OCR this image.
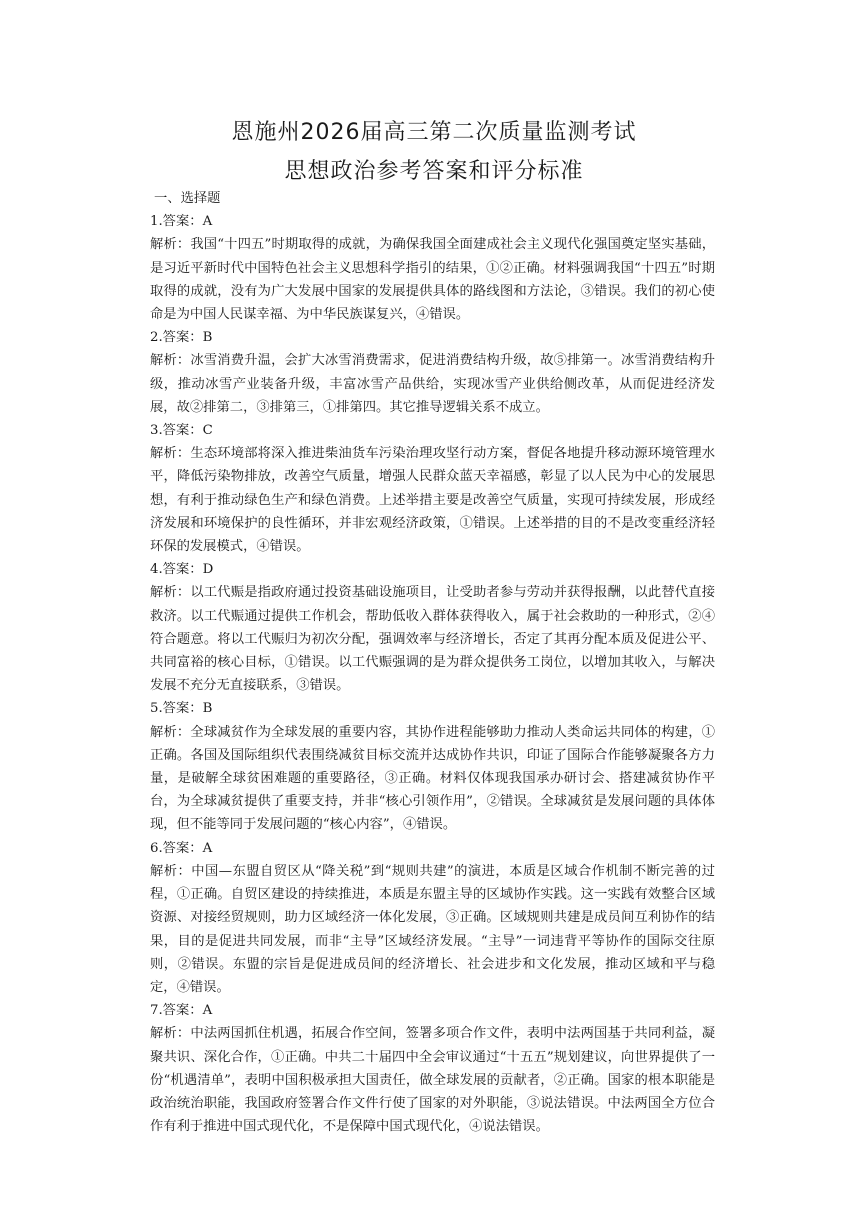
恩施州2026届高三第二次质量监测考试
思想政治参考答案和评分标准

一、选择题

1.答案：A

解析：我国“十四五”时期取得的成就，为确保我国全面建成社会主义现代化强国奠定坚实基础，是习近平新时代中国特色社会主义思想科学指引的结果，①②正确。材料强调我国“十四五”时期取得的成就，没有为广大发展中国家的发展提供具体的路线图和方法论，③错误。我们的初心使命是为中国人民谋幸福、为中华民族谋复兴，④错误。

2.答案：B

解析：冰雪消费升温，会扩大冰雪消费需求，促进消费结构升级，故⑤排第一。冰雪消费结构升级，推动冰雪产业装备升级，丰富冰雪产品供给，实现冰雪产业供给侧改革，从而促进经济发展，故②排第二，③排第三，①排第四。其它推导逻辑关系不成立。

3.答案：C

解析：生态环境部将深入推进柴油货车污染治理攻坚行动方案，督促各地提升移动源环境管理水平，降低污染物排放，改善空气质量，增强人民群众蓝天幸福感，彰显了以人民为中心的发展思想，有利于推动绿色生产和绿色消费。上述举措主要是改善空气质量，实现可持续发展，形成经济发展和环境保护的良性循环，并非宏观经济政策，①错误。上述举措的目的不是改变重经济轻环保的发展模式，④错误。

4.答案：D

解析：以工代赈是指政府通过投资基础设施项目，让受助者参与劳动并获得报酬，以此替代直接救济。以工代赈通过提供工作机会，帮助低收入群体获得收入，属于社会救助的一种形式，②④符合题意。将以工代赈归为初次分配，强调效率与经济增长，否定了其再分配本质及促进公平、共同富裕的核心目标，①错误。以工代赈强调的是为群众提供务工岗位，以增加其收入，与解决发展不充分无直接联系，③错误。

5.答案：B

解析：全球减贫作为全球发展的重要内容，其协作进程能够助力推动人类命运共同体的构建，①正确。各国及国际组织代表围绕减贫目标交流并达成协作共识，印证了国际合作能够凝聚各方力量，是破解全球贫困难题的重要路径，③正确。材料仅体现我国承办研讨会、搭建减贫协作平台，为全球减贫提供了重要支持，并非“核心引领作用”，②错误。全球减贫是发展问题的具体体现，但不能等同于发展问题的“核心内容”，④错误。

6.答案：A

解析：中国—东盟自贸区从“降关税”到“规则共建”的演进，本质是区域合作机制不断完善的过程，①正确。自贸区建设的持续推进，本质是东盟主导的区域协作实践。这一实践有效整合区域资源、对接经贸规则，助力区域经济一体化发展，③正确。区域规则共建是成员间互利协作的结果，目的是促进共同发展，而非“主导”区域经济发展。“主导”一词违背平等协作的国际交往原则，②错误。东盟的宗旨是促进成员间的经济增长、社会进步和文化发展，推动区域和平与稳定，④错误。

7.答案：A

解析：中法两国抓住机遇，拓展合作空间，签署多项合作文件，表明中法两国基于共同利益，凝聚共识、深化合作，①正确。中共二十届四中全会审议通过“十五五”规划建议，向世界提供了一份“机遇清单”，表明中国积极承担大国责任，做全球发展的贡献者，②正确。国家的根本职能是政治统治职能，我国政府签署合作文件行使了国家的对外职能，③说法错误。中法两国全方位合作有利于推进中国式现代化，不是保障中国式现代化，④说法错误。
